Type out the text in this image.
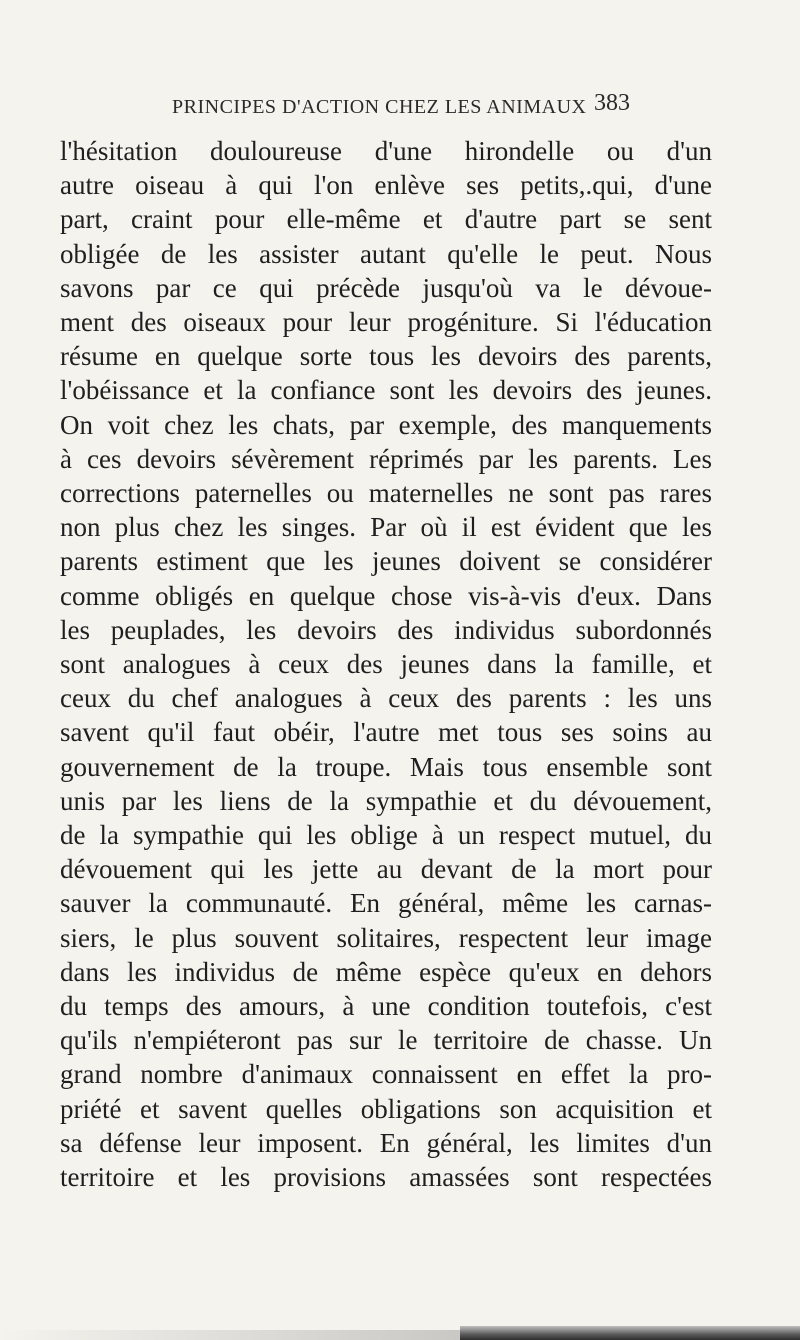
PRINCIPES D'ACTION CHEZ LES ANIMAUX 383
l'hésitation douloureuse d'une hirondelle ou d'un
autre oiseau à qui l'on enlève ses petits,.qui, d'une
part, craint pour elle-même et d'autre part se sent
obligée de les assister autant qu'elle le peut. Nous
savons par ce qui précède jusqu'où va le dévoue-
ment des oiseaux pour leur progéniture. Si l'éducation
résume en quelque sorte tous les devoirs des parents,
l'obéissance et la confiance sont les devoirs des jeunes.
On voit chez les chats, par exemple, des manquements
à ces devoirs sévèrement réprimés par les parents. Les
corrections paternelles ou maternelles ne sont pas rares
non plus chez les singes. Par où il est évident que les
parents estiment que les jeunes doivent se considérer
comme obligés en quelque chose vis-à-vis d'eux. Dans
les peuplades, les devoirs des individus subordonnés
sont analogues à ceux des jeunes dans la famille, et
ceux du chef analogues à ceux des parents : les uns
savent qu'il faut obéir, l'autre met tous ses soins au
gouvernement de la troupe. Mais tous ensemble sont
unis par les liens de la sympathie et du dévouement,
de la sympathie qui les oblige à un respect mutuel, du
dévouement qui les jette au devant de la mort pour
sauver la communauté. En général, même les carnas-
siers, le plus souvent solitaires, respectent leur image
dans les individus de même espèce qu'eux en dehors
du temps des amours, à une condition toutefois, c'est
qu'ils n'empiéteront pas sur le territoire de chasse. Un
grand nombre d'animaux connaissent en effet la pro-
priété et savent quelles obligations son acquisition et
sa défense leur imposent. En général, les limites d'un
territoire et les provisions amassées sont respectées
